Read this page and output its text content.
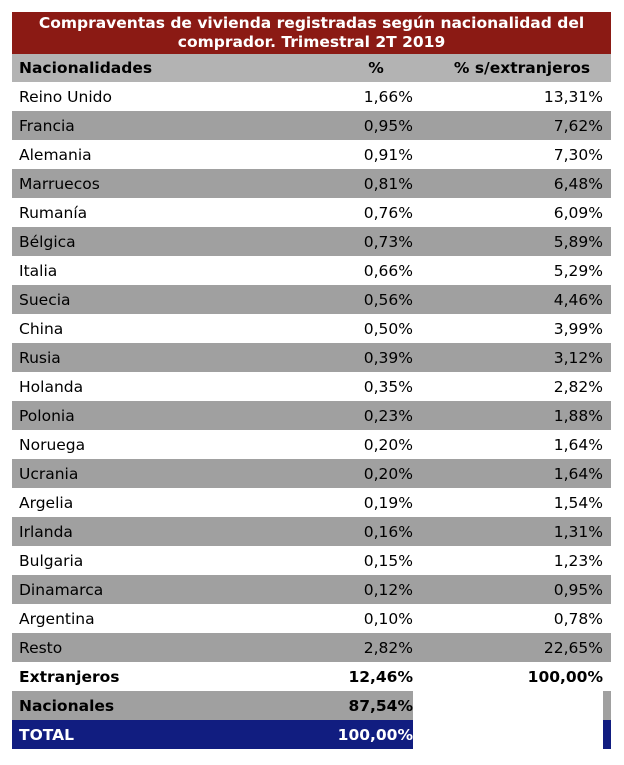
Compraventas de vivienda registradas según nacionalidad del
comprador. Trimestral 2T 2019
Nacionalidades	%	% s/extranjeros
Reino Unido	1,66%	13,31%
Francia	0,95%	7,62%
Alemania	0,91%	7,30%
Marruecos	0,81%	6,48%
Rumanía	0,76%	6,09%
Bélgica	0,73%	5,89%
Italia	0,66%	5,29%
Suecia	0,56%	4,46%
China	0,50%	3,99%
Rusia	0,39%	3,12%
Holanda	0,35%	2,82%
Polonia	0,23%	1,88%
Noruega	0,20%	1,64%
Ucrania	0,20%	1,64%
Argelia	0,19%	1,54%
Irlanda	0,16%	1,31%
Bulgaria	0,15%	1,23%
Dinamarca	0,12%	0,95%
Argentina	0,10%	0,78%
Resto	2,82%	22,65%
Extranjeros	12,46%	100,00%
Nacionales	87,54%
TOTAL	100,00%
